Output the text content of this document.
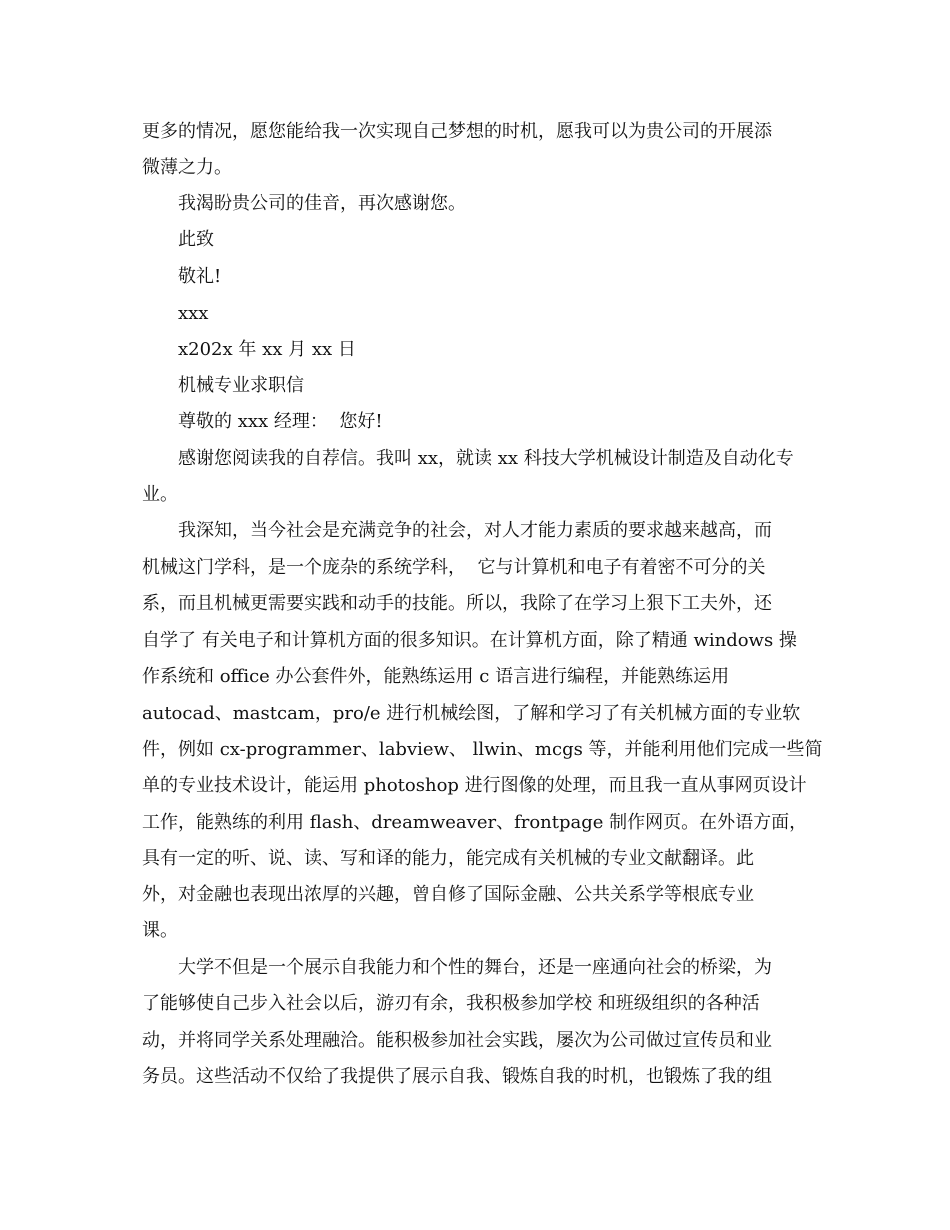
更多的情况，愿您能给我一次实现自己梦想的时机，愿我可以为贵公司的开展添
微薄之力。
我渴盼贵公司的佳音，再次感谢您。
此致
敬礼!
xxx
x202x 年 xx 月 xx 日
机械专业求职信
尊敬的 xxx 经理：  您好!
感谢您阅读我的自荐信。我叫 xx，就读 xx 科技大学机械设计制造及自动化专
业。
我深知，当今社会是充满竞争的社会，对人才能力素质的要求越来越高，而
机械这门学科，是一个庞杂的系统学科，  它与计算机和电子有着密不可分的关
系，而且机械更需要实践和动手的技能。所以，我除了在学习上狠下工夫外，还
自学了 有关电子和计算机方面的很多知识。在计算机方面，除了精通 windows 操
作系统和 office 办公套件外，能熟练运用 c 语言进行编程，并能熟练运用
autocad、mastcam，pro/e 进行机械绘图，了解和学习了有关机械方面的专业软
件，例如 cx-programmer、labview、 llwin、mcgs 等，并能利用他们完成一些简
单的专业技术设计，能运用 photoshop 进行图像的处理，而且我一直从事网页设计
工作，能熟练的利用 flash、dreamweaver、frontpage 制作网页。在外语方面，
具有一定的听、说、读、写和译的能力，能完成有关机械的专业文献翻译。此
外，对金融也表现出浓厚的兴趣，曾自修了国际金融、公共关系学等根底专业
课。
大学不但是一个展示自我能力和个性的舞台，还是一座通向社会的桥梁，为
了能够使自己步入社会以后，游刃有余，我积极参加学校 和班级组织的各种活
动，并将同学关系处理融洽。能积极参加社会实践，屡次为公司做过宣传员和业
务员。这些活动不仅给了我提供了展示自我、锻炼自我的时机，也锻炼了我的组
